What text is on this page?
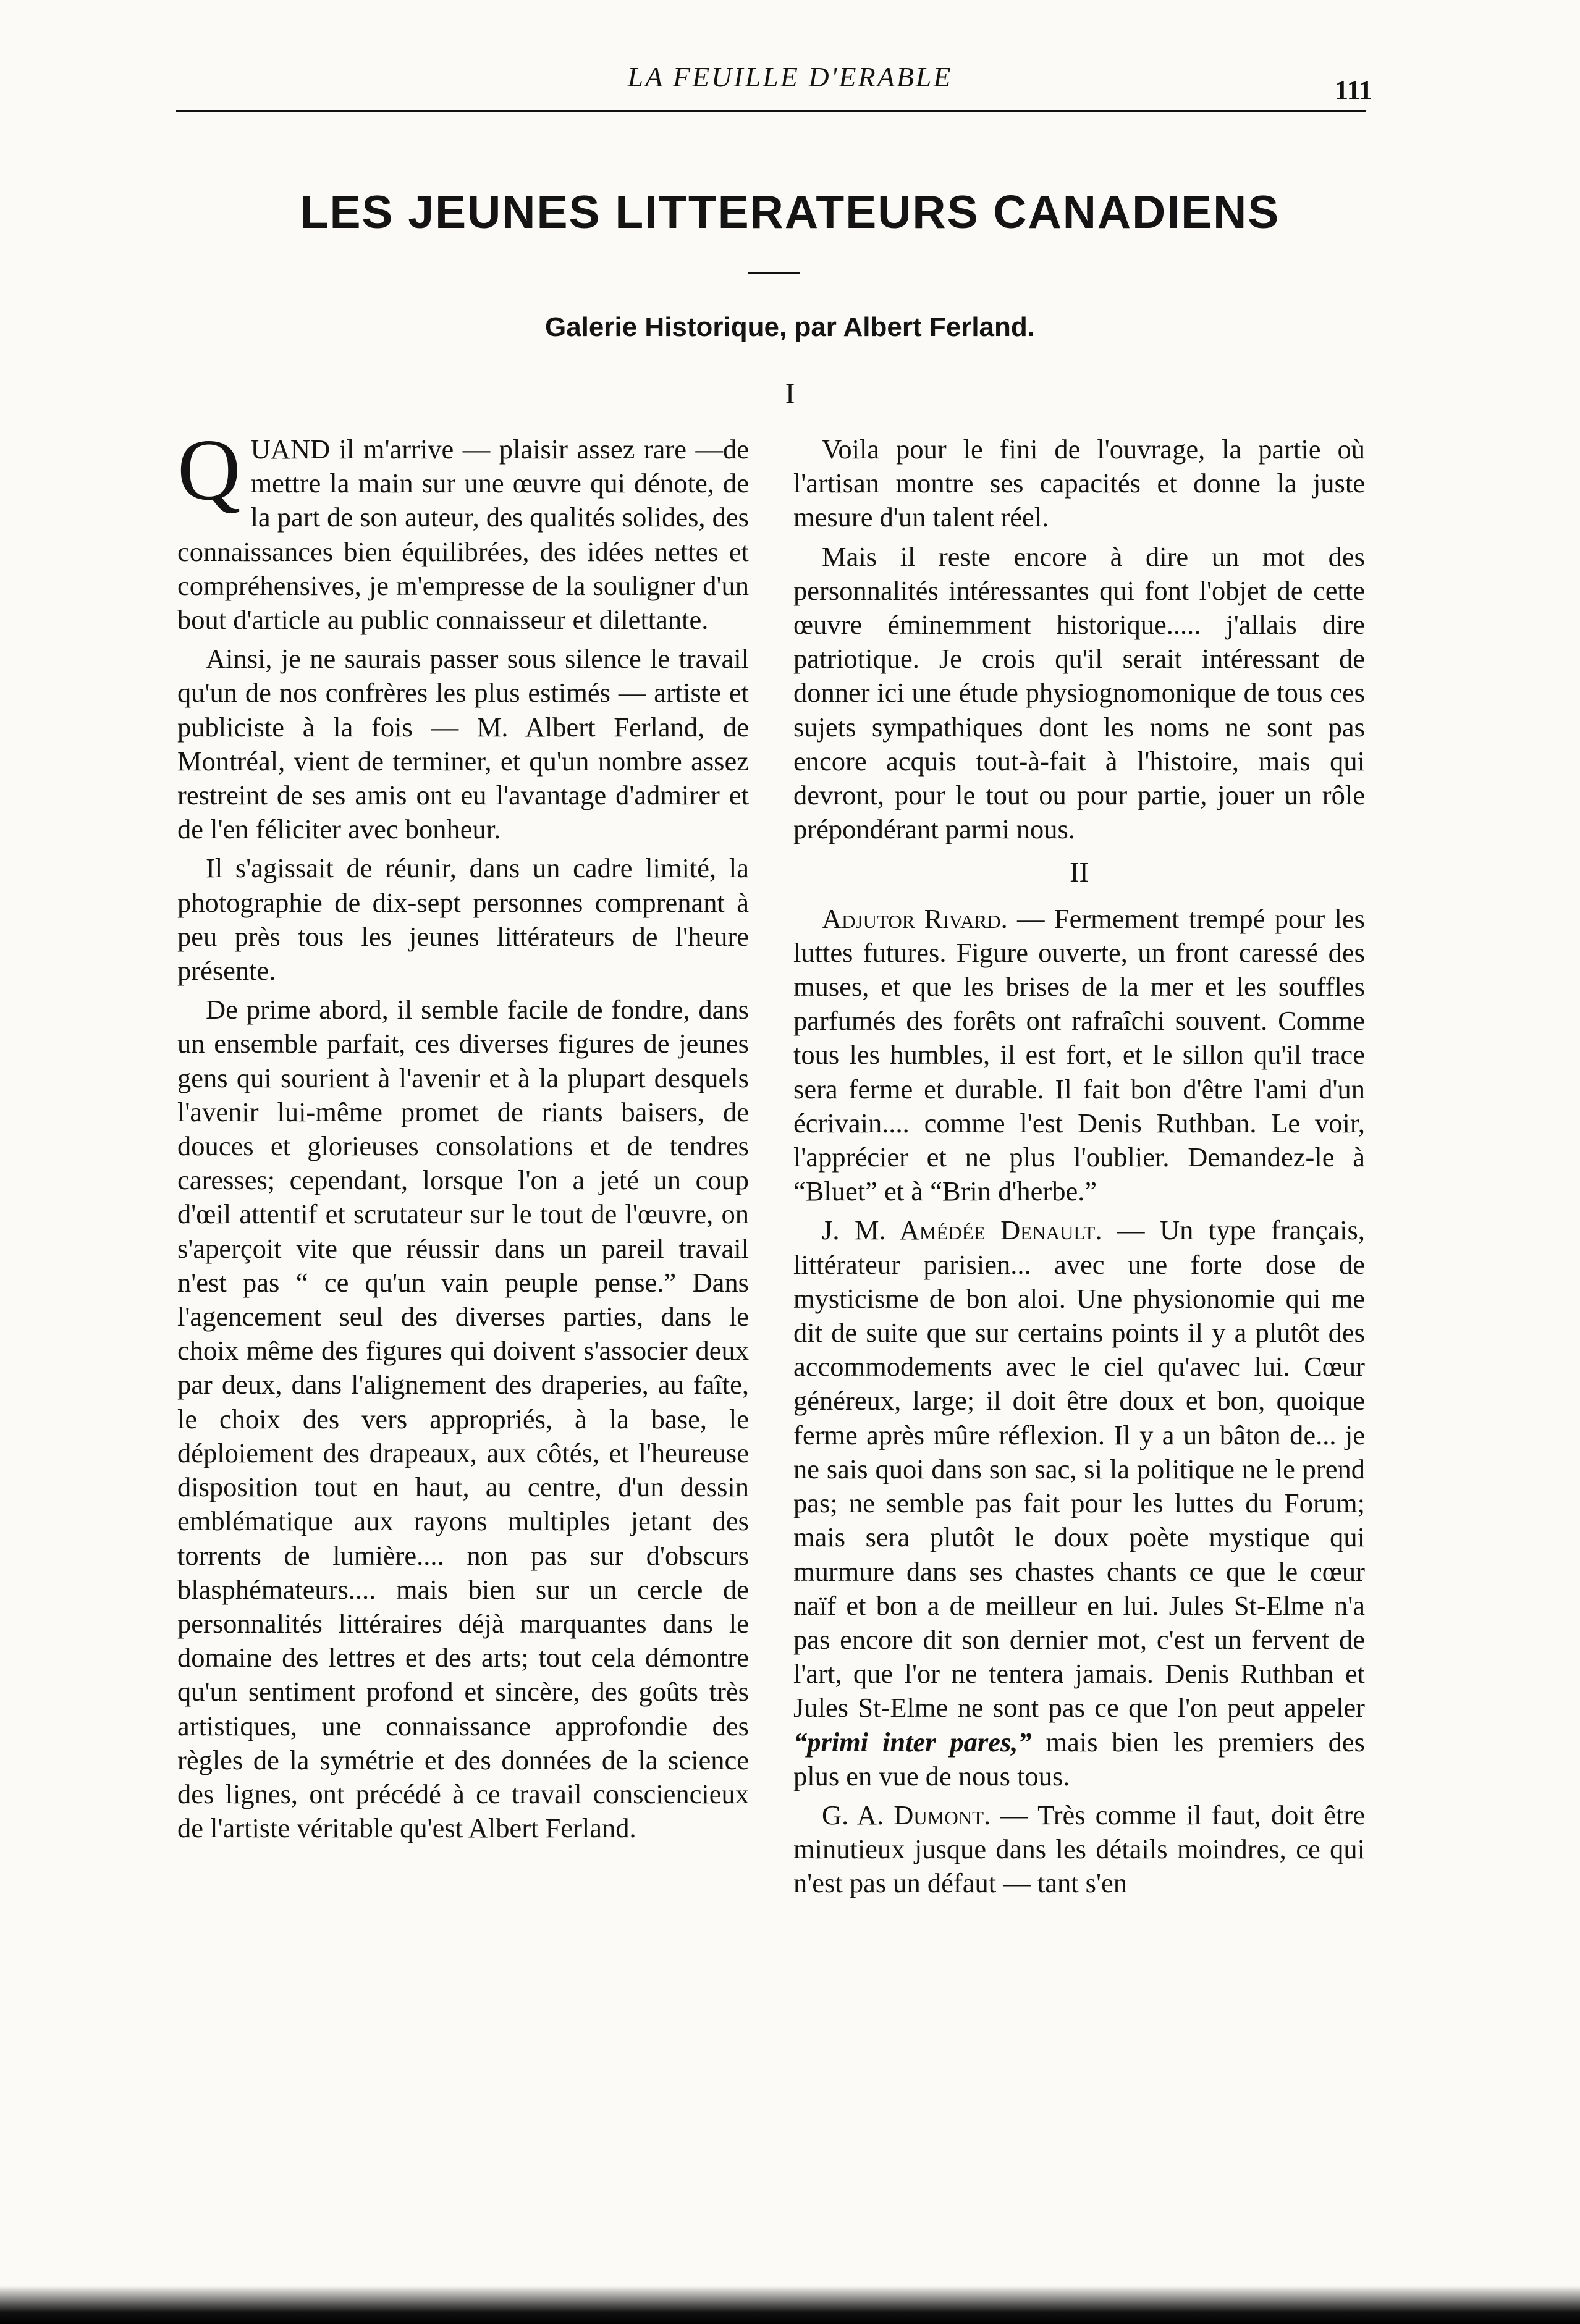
LA FEUILLE D'ERABLE	111
LES JEUNES LITTERATEURS CANADIENS
Galerie Historique, par Albert Ferland.
I

QUAND il m'arrive — plaisir assez rare —de mettre la main sur une œuvre qui dénote, de la part de son auteur, des qualités solides, des connaissances bien équilibrées, des idées nettes et compréhensives, je m'empresse de la souligner d'un bout d'article au public connaisseur et dilettante.

Ainsi, je ne saurais passer sous silence le travail qu'un de nos confrères les plus estimés — artiste et publiciste à la fois — M. Albert Ferland, de Montréal, vient de terminer, et qu'un nombre assez restreint de ses amis ont eu l'avantage d'admirer et de l'en féliciter avec bonheur.

Il s'agissait de réunir, dans un cadre limité, la photographie de dix-sept personnes comprenant à peu près tous les jeunes littérateurs de l'heure présente.

De prime abord, il semble facile de fondre, dans un ensemble parfait, ces diverses figures de jeunes gens qui sourient à l'avenir et à la plupart desquels l'avenir lui-même promet de riants baisers, de douces et glorieuses consolations et de tendres caresses; cependant, lorsque l'on a jeté un coup d'œil attentif et scrutateur sur le tout de l'œuvre, on s'aperçoit vite que réussir dans un pareil travail n'est pas “ ce qu'un vain peuple pense.” Dans l'agencement seul des diverses parties, dans le choix même des figures qui doivent s'associer deux par deux, dans l'alignement des draperies, au faîte, le choix des vers appropriés, à la base, le déploiement des drapeaux, aux côtés, et l'heureuse disposition tout en haut, au centre, d'un dessin emblématique aux rayons multiples jetant des torrents de lumière.... non pas sur d'obscurs blasphémateurs.... mais bien sur un cercle de personnalités littéraires déjà marquantes dans le domaine des lettres et des arts; tout cela démontre qu'un sentiment profond et sincère, des goûts très artistiques, une connaissance approfondie des règles de la symétrie et des données de la science des lignes, ont précédé à ce travail consciencieux de l'artiste véritable qu'est Albert Ferland.

Voila pour le fini de l'ouvrage, la partie où l'artisan montre ses capacités et donne la juste mesure d'un talent réel.

Mais il reste encore à dire un mot des personnalités intéressantes qui font l'objet de cette œuvre éminemment historique..... j'allais dire patriotique. Je crois qu'il serait intéressant de donner ici une étude physiognomonique de tous ces sujets sympathiques dont les noms ne sont pas encore acquis tout-à-fait à l'histoire, mais qui devront, pour le tout ou pour partie, jouer un rôle prépondérant parmi nous.

II

Adjutor Rivard. — Fermement trempé pour les luttes futures. Figure ouverte, un front caressé des muses, et que les brises de la mer et les souffles parfumés des forêts ont rafraîchi souvent. Comme tous les humbles, il est fort, et le sillon qu'il trace sera ferme et durable. Il fait bon d'être l'ami d'un écrivain.... comme l'est Denis Ruthban. Le voir, l'apprécier et ne plus l'oublier. Demandez-le à “Bluet” et à “Brin d'herbe.”

J. M. Amédée Denault. — Un type français, littérateur parisien... avec une forte dose de mysticisme de bon aloi. Une physionomie qui me dit de suite que sur certains points il y a plutôt des accommodements avec le ciel qu'avec lui. Cœur généreux, large; il doit être doux et bon, quoique ferme après mûre réflexion. Il y a un bâton de... je ne sais quoi dans son sac, si la politique ne le prend pas; ne semble pas fait pour les luttes du Forum; mais sera plutôt le doux poète mystique qui murmure dans ses chastes chants ce que le cœur naïf et bon a de meilleur en lui. Jules St-Elme n'a pas encore dit son dernier mot, c'est un fervent de l'art, que l'or ne tentera jamais. Denis Ruthban et Jules St-Elme ne sont pas ce que l'on peut appeler “primi inter pares,” mais bien les premiers des plus en vue de nous tous.

G. A. Dumont. — Très comme il faut, doit être minutieux jusque dans les détails moindres, ce qui n'est pas un défaut — tant s'en
